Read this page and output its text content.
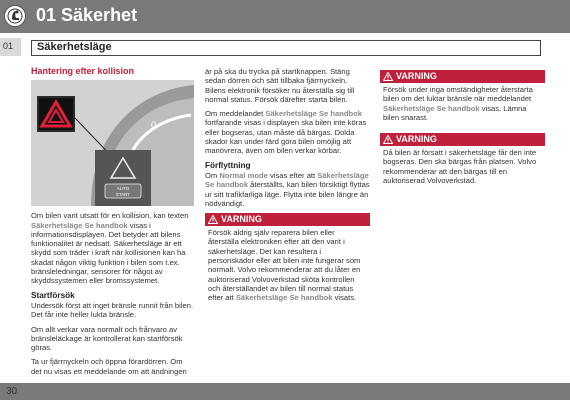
01 Säkerhet
01 Säkerhetsläge
Hantering efter kollision
0
AUTO
START

Om bilen varit utsatt för en kollision, kan texten Säkerhetsläge Se handbok visas i informationsdisplayen. Det betyder att bilens funktionalitet är nedsatt. Säkerhetsläge är ett skydd som träder i kraft när kollisionen kan ha skadat någon viktig funktion i bilen som t.ex. bränsleledningar, sensorer för något av skyddssystemen eller bromssystemet.

Startförsök

Undersök först att inget bränsle runnit från bilen. Det får inte heller lukta bränsle.

Om allt verkar vara normalt och frånvaro av bränsleläckage är kontrollerat kan startförsök göras.

Ta ur fjärrnyckeln och öppna förardörren. Om det nu visas ett meddelande om att ändningen

är på ska du trycka på startknappen. Stäng sedan dörren och sätt tillbaka fjärrnyckeln. Bilens elektronik försöker nu återställa sig till normal status. Försök därefter starta bilen.

Om meddelandet Säkerhetsläge Se handbok fortfarande visas i displayen ska bilen inte köras eller bogseras, utan måste då bärgas. Dolda skador kan under färd göra bilen omöjlig att manövrera, även om bilen verkar körbar.

Förflyttning

Om Normal mode visas efter att Säkerhetsläge Se handbok återställts, kan bilen försiktigt flyttas ur sitt trafikfarliga läge. Flytta inte bilen längre än nödvändigt.

VARNING
Försök aldrig själv reparera bilen eller återställa elektroniken efter att den varit i säkerhetsläge. Det kan resultera i personskador eller att bilen inte fungerar som normalt. Volvo rekommenderar att du låter en auktoriserad Volvoverkstad sköta kontrollen och återställandet av bilen till normal status efter att Säkerhetsläge Se handbok visats.
VARNING
Försök under inga omständigheter återstarta bilen om det luktar bränsle när meddelandet Säkerhetsläge Se handbok visas. Lämna bilen snarast.
VARNING
Då bilen är försatt i säkerhetsläge får den inte bogseras. Den ska bärgas från platsen. Volvo rekommenderar att den bärgas till en auktoriserad Volvoverkstad.
30
